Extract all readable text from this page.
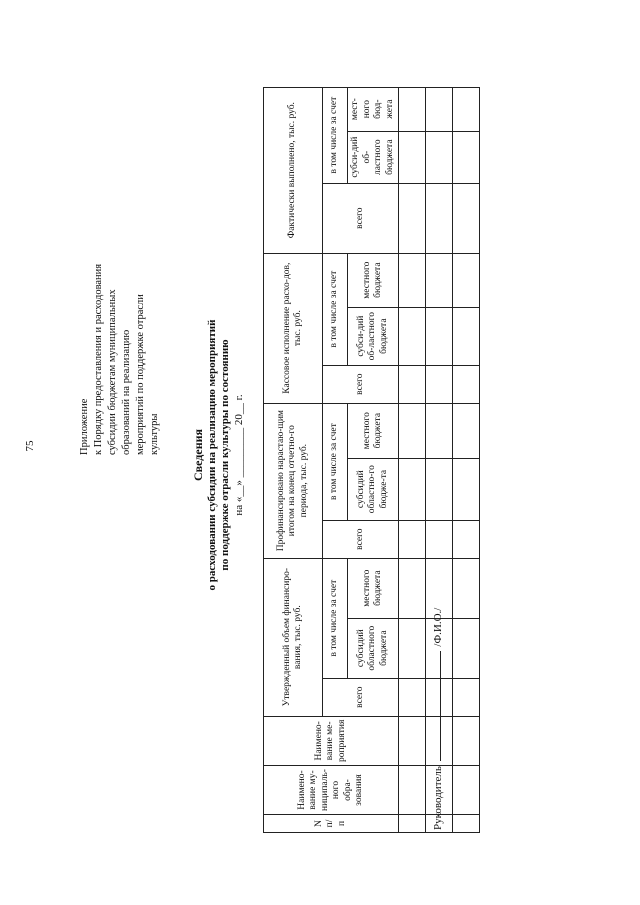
75	Приложение к Порядку предоставления и расходования субсидии бюджетам муниципальных образований на реализацию мероприятий по поддержке отрасли культуры	Сведения о расходовании субсидии на реализацию мероприятий по поддержке отрасли культуры по состоянию на «__» _________ 20__ г.
N п/п	Наимено-вание му-ниципаль-ного обра-зования	Наимено-вание ме-роприятия	Утвержденный объем финансиро-вания, тыс. руб.			Профинансировано нарастаю-щим итогом на конец отчетно-го периода, тыс. руб.			Кассовое исполнение расхо-дов, тыс. руб.			Фактически выполнено, тыс. руб.		
			всего	в том числе за счет		всего	в том числе за счет		всего	в том числе за счет		всего	в том числе за счет	
				субсидий областного бюджета	местного бюджета		субсидий областно-го бюдже-та	местного бюджета		субси-дий об-ластного бюджета	местного бюджета		субси-дий об-ластного бюджета	мест-ного бюд-жета

Руководитель  /Ф.И.О./
